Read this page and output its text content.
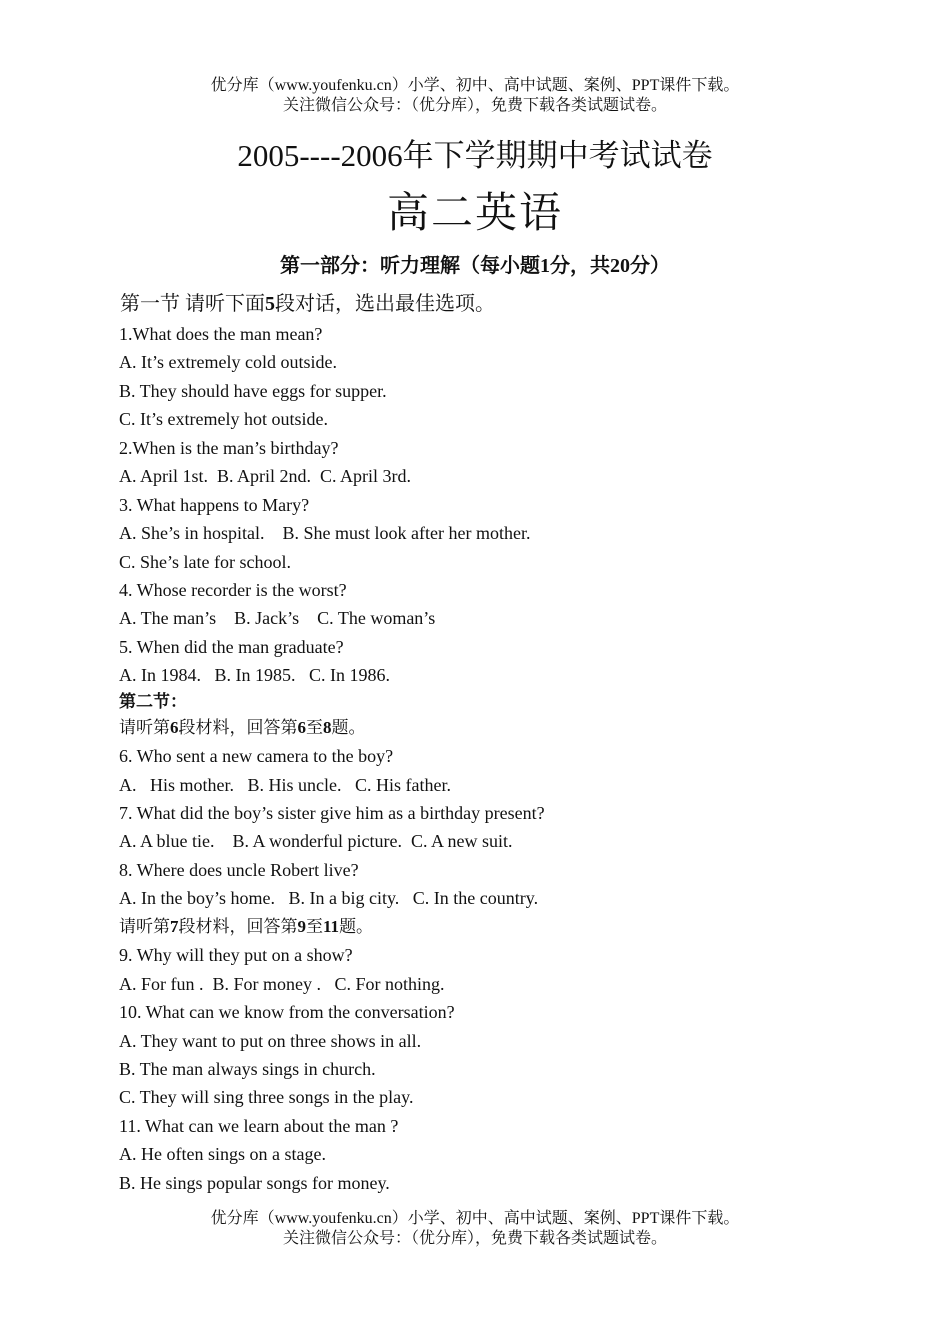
优分库（www.youfenku.cn）小学、初中、高中试题、案例、PPT课件下载。
关注微信公众号：（优分库），免费下载各类试题试卷。
2005----2006年下学期期中考试试卷
高二英语
第一部分：听力理解（每小题1分，共20分）
第一节 请听下面5段对话，选出最佳选项。
1.What does the man mean?
A. It’s extremely cold outside.
B. They should have eggs for supper.
C. It’s extremely hot outside.
2.When is the man’s birthday?
A. April 1st.  B. April 2nd.  C. April 3rd.
3. What happens to Mary?
A. She’s in hospital.    B. She must look after her mother.
C. She’s late for school.
4. Whose recorder is the worst?
A. The man’s    B. Jack’s    C. The woman’s
5. When did the man graduate?
A. In 1984.   B. In 1985.   C. In 1986.
第二节：
请听第6段材料，回答第6至8题。
6. Who sent a new camera to the boy?
A.   His mother.   B. His uncle.   C. His father.
7. What did the boy’s sister give him as a birthday present?
A. A blue tie.    B. A wonderful picture.  C. A new suit.
8. Where does uncle Robert live?
A. In the boy’s home.   B. In a big city.   C. In the country.
请听第7段材料，回答第9至11题。
9. Why will they put on a show?
A. For fun .  B. For money .   C. For nothing.
10. What can we know from the conversation?
A. They want to put on three shows in all.
B. The man always sings in church.
C. They will sing three songs in the play.
11. What can we learn about the man ?
A. He often sings on a stage.
B. He sings popular songs for money.
优分库（www.youfenku.cn）小学、初中、高中试题、案例、PPT课件下载。
关注微信公众号：（优分库），免费下载各类试题试卷。
